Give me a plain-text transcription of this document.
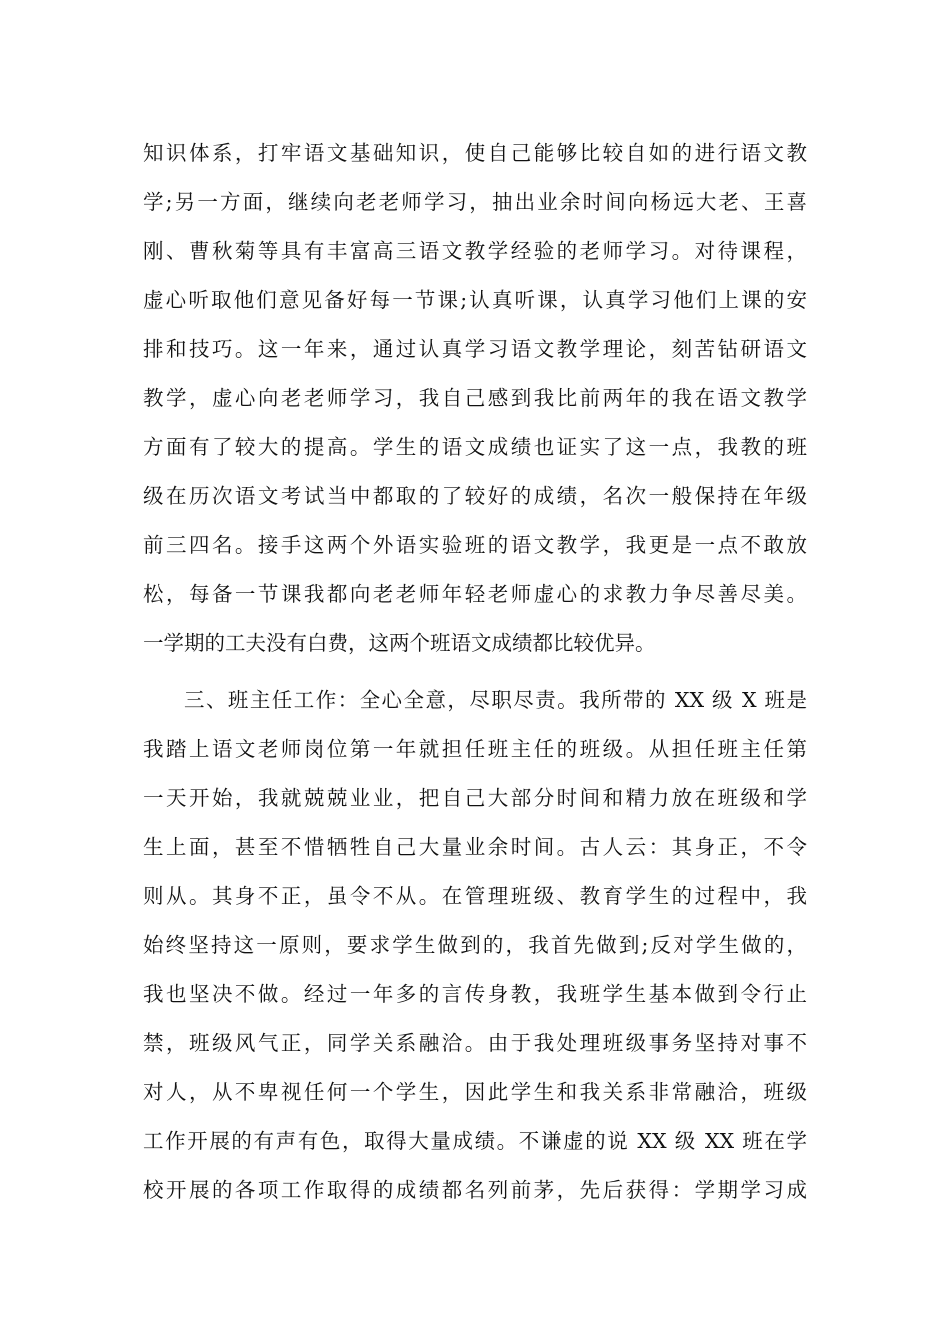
知识体系，打牢语文基础知识，使自己能够比较自如的进行语文教
学;另一方面，继续向老老师学习，抽出业余时间向杨远大老、王喜
刚、曹秋菊等具有丰富高三语文教学经验的老师学习。对待课程，
虚心听取他们意见备好每一节课;认真听课，认真学习他们上课的安
排和技巧。这一年来，通过认真学习语文教学理论，刻苦钻研语文
教学，虚心向老老师学习，我自己感到我比前两年的我在语文教学
方面有了较大的提高。学生的语文成绩也证实了这一点，我教的班
级在历次语文考试当中都取的了较好的成绩，名次一般保持在年级
前三四名。接手这两个外语实验班的语文教学，我更是一点不敢放
松，每备一节课我都向老老师年轻老师虚心的求教力争尽善尽美。
一学期的工夫没有白费，这两个班语文成绩都比较优异。
三、班主任工作：全心全意，尽职尽责。我所带的 XX 级 X 班是
我踏上语文老师岗位第一年就担任班主任的班级。从担任班主任第
一天开始，我就兢兢业业，把自己大部分时间和精力放在班级和学
生上面，甚至不惜牺牲自己大量业余时间。古人云：其身正，不令
则从。其身不正，虽令不从。在管理班级、教育学生的过程中，我
始终坚持这一原则，要求学生做到的，我首先做到;反对学生做的，
我也坚决不做。经过一年多的言传身教，我班学生基本做到令行止
禁，班级风气正，同学关系融洽。由于我处理班级事务坚持对事不
对人，从不卑视任何一个学生，因此学生和我关系非常融洽，班级
工作开展的有声有色，取得大量成绩。不谦虚的说 XX 级 XX 班在学
校开展的各项工作取得的成绩都名列前茅，先后获得：学期学习成
